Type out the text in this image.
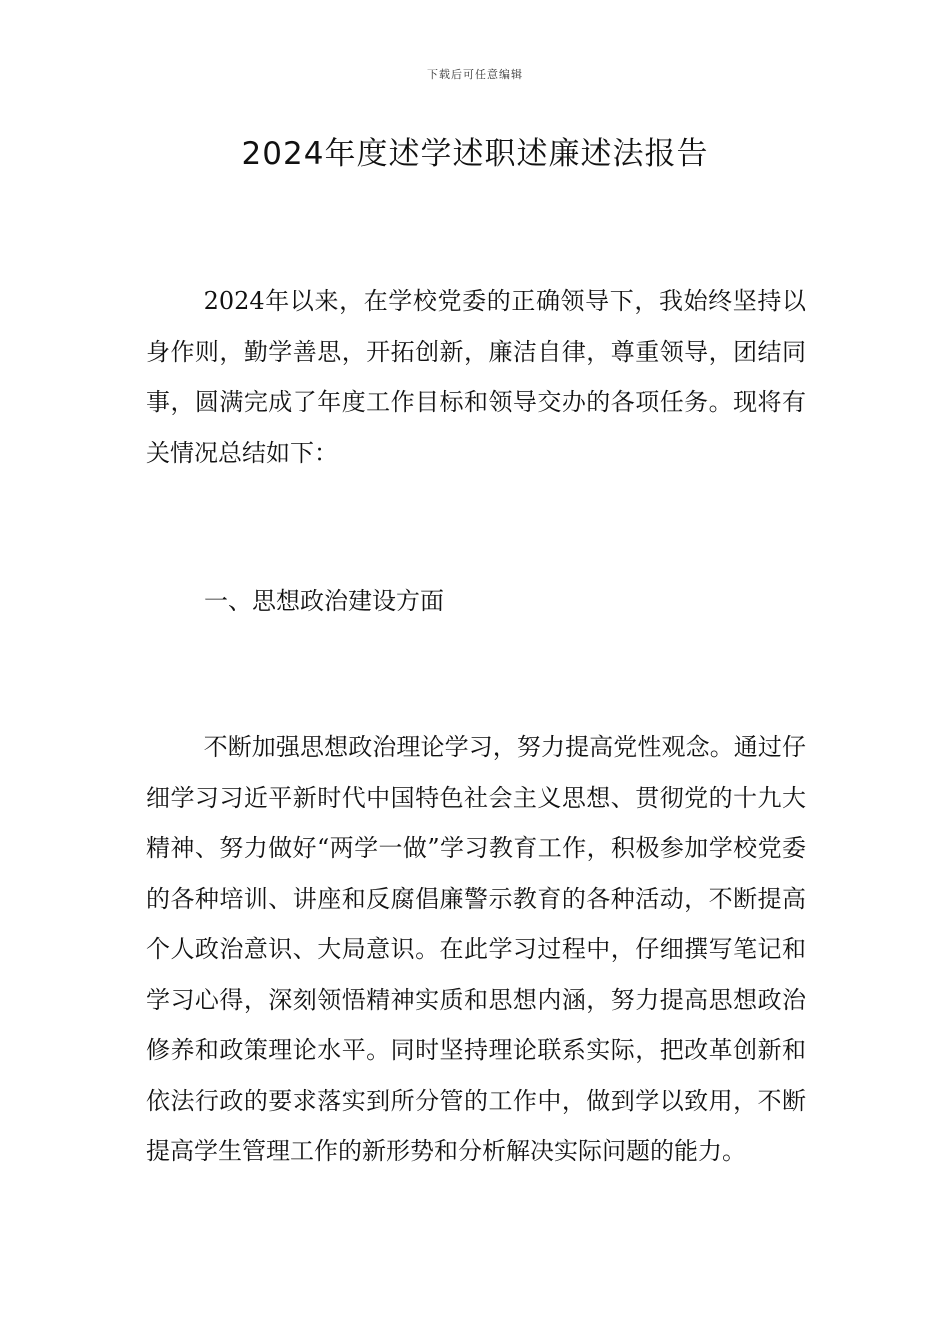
下载后可任意编辑
2024年度述学述职述廉述法报告

2024年以来，在学校党委的正确领导下，我始终坚持以身作则，勤学善思，开拓创新，廉洁自律，尊重领导，团结同事，圆满完成了年度工作目标和领导交办的各项任务。现将有关情况总结如下：

一、思想政治建设方面

不断加强思想政治理论学习，努力提高党性观念。通过仔细学习习近平新时代中国特色社会主义思想、贯彻党的十九大精神、努力做好“两学一做”学习教育工作，积极参加学校党委的各种培训、讲座和反腐倡廉警示教育的各种活动，不断提高个人政治意识、大局意识。在此学习过程中，仔细撰写笔记和学习心得，深刻领悟精神实质和思想内涵，努力提高思想政治修养和政策理论水平。同时坚持理论联系实际，把改革创新和依法行政的要求落实到所分管的工作中，做到学以致用，不断提高学生管理工作的新形势和分析解决实际问题的能力。
